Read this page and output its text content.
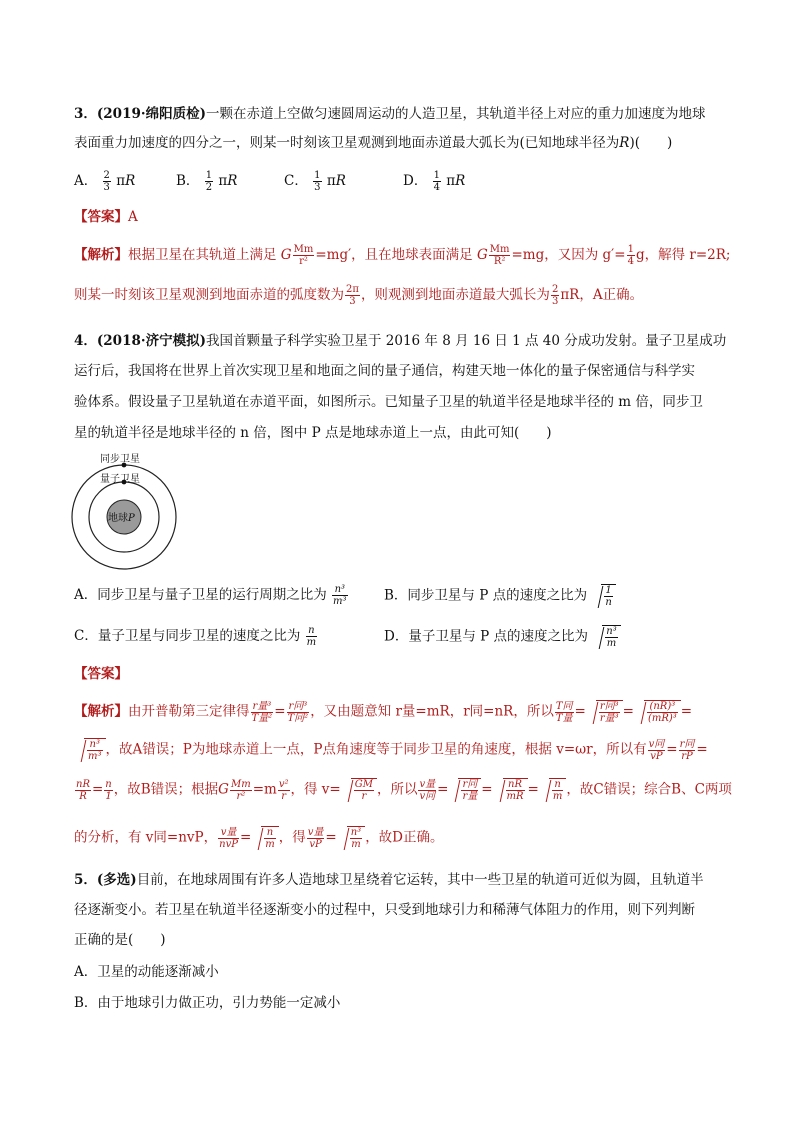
3．(2019·绵阳质检)一颗在赤道上空做匀速圆周运动的人造卫星，其轨道半径上对应的重力加速度为地球
表面重力加速度的四分之一，则某一时刻该卫星观测到地面赤道最大弧长为(已知地球半径为R)(　　)
A． $\frac{2}{3}$ πR	B． $\frac{1}{2}$ πR	C． $\frac{1}{3}$ πR	D． $\frac{1}{4}$ πR
【答案】A
【解析】根据卫星在其轨道上满足 G $\frac{Mm}{\text{r²}} =mg'$，且在地球表面满足 G $\frac{Mm}{\text{R²}} =mg$，又因为 $g'= \frac{1}{4}$ g，解得 r=2R;
则某一时刻该卫星观测到地面赤道的弧度数为 $\frac{2\pi}{3}$ ，则观测到地面赤道最大弧长为 $\frac{2}{3}$ πR，A正确。
4．(2018·济宁模拟)我国首颗量子科学实验卫星于 2016 年 8 月 16 日 1 点 40 分成功发射。量子卫星成功
运行后，我国将在世界上首次实现卫星和地面之间的量子通信，构建天地一体化的量子保密通信与科学实
验体系。假设量子卫星轨道在赤道平面，如图所示。已知量子卫星的轨道半径是地球半径的 m 倍，同步卫
星的轨道半径是地球半径的 n 倍，图中 P 点是地球赤道上一点，由此可知(　　)
同步卫星
量子卫星
地球P
A．同步卫星与量子卫星的运行周期之比为 $\frac{\text{n³}}{\text{m³}}$	B．同步卫星与 P 点的速度之比为 $\frac{1}{n}$
C．量子卫星与同步卫星的速度之比为 $\frac{n}{m}$	D．量子卫星与 P 点的速度之比为 $\frac{\text{n³}}{m}$
【答案】
【解析】由开普勒第三定律得 $\frac{\text{r量³}}{\text{T量²}} = \frac{\text{r同³}}{\text{T同²}}$ ，又由题意知 r量=mR，r同=nR，所以 $\frac{\text{T同}}{\text{T量}} = \frac{\text{r同³}}{\text{r量³}} = \frac{\text{(nR)³}}{\text{(mR)³}}$ =
$\frac{\text{n³}}{\text{m³}}$ ，故A错误；P为地球赤道上一点，P点角速度等于同步卫星的角速度，根据 v=ωr，所以有 $\frac{\text{v同}}{vP} = \frac{\text{r同}}{rP}$ =
$\frac{nR}{R} = \frac{n}{1}$ ，故B错误；根据G $\frac{Mm}{\text{r²}} =m \frac{\text{v²}}{r}$ ，得 $v= \frac{GM}{r}$ ，所以 $\frac{\text{v量}}{\text{v同}} = \frac{\text{r同}}{\text{r量}} = \frac{nR}{mR} = \frac{n}{m}$ ，故C错误；综合B、C两项
的分析，有 v同=nvP， $\frac{\text{v量}}{\text{nvP}} = \frac{n}{m}$ ，得 $\frac{\text{v量}}{vP} = \frac{\text{n³}}{m}$ ，故D正确。
5．(多选)目前，在地球周围有许多人造地球卫星绕着它运转，其中一些卫星的轨道可近似为圆，且轨道半
径逐渐变小。若卫星在轨道半径逐渐变小的过程中，只受到地球引力和稀薄气体阻力的作用，则下列判断
正确的是(　　)
A．卫星的动能逐渐减小
B．由于地球引力做正功，引力势能一定减小
